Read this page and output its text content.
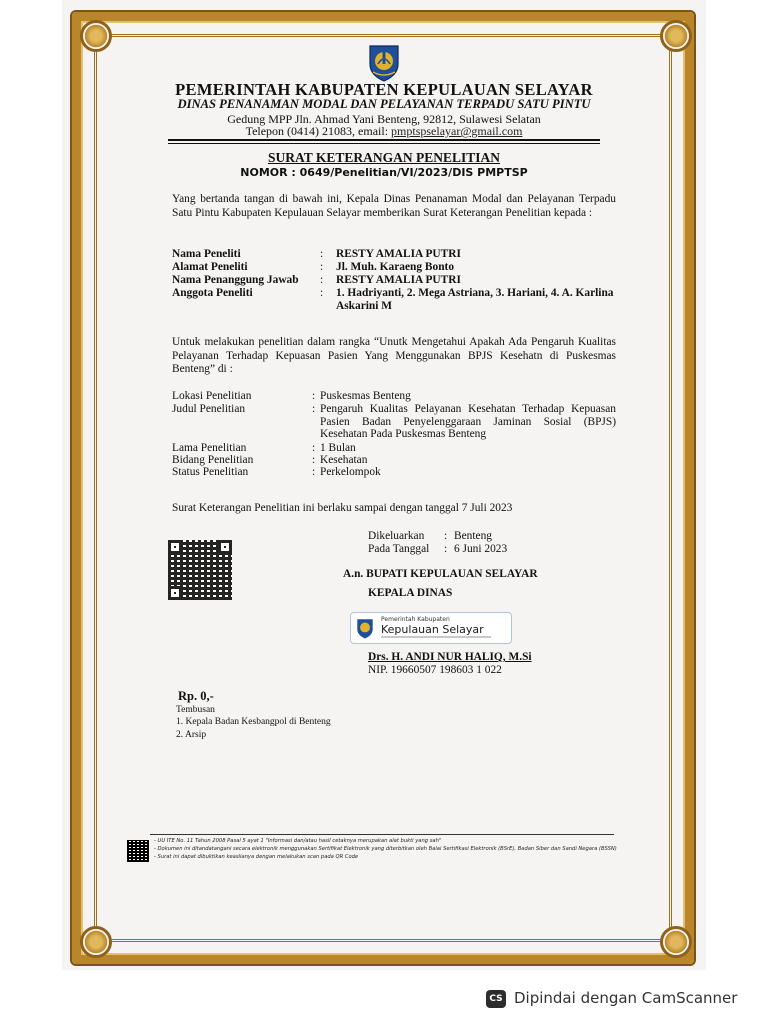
PEMERINTAH KABUPATEN KEPULAUAN SELAYAR
DINAS PENANAMAN MODAL DAN PELAYANAN TERPADU SATU PINTU
Gedung MPP Jln. Ahmad Yani Benteng, 92812, Sulawesi Selatan
Telepon (0414) 21083, email: pmptspselayar@gmail.com
SURAT KETERANGAN PENELITIAN
NOMOR : 0649/Penelitian/VI/2023/DIS PMPTSP
Yang bertanda tangan di bawah ini, Kepala Dinas Penanaman Modal dan Pelayanan Terpadu Satu Pintu Kabupaten Kepulauan Selayar memberikan Surat Keterangan Penelitian kepada :
Nama Peneliti	: RESTY AMALIA PUTRI
Alamat Peneliti	: Jl. Muh. Karaeng Bonto
Nama Penanggung Jawab : RESTY AMALIA PUTRI
Anggota Peneliti	: 1. Hadriyanti, 2. Mega Astriana, 3. Hariani, 4. A. Karlina
Askarini M
Untuk melakukan penelitian dalam rangka “Unutk Mengetahui Apakah Ada Pengaruh Kualitas Pelayanan Terhadap Kepuasan Pasien Yang Menggunakan BPJS Kesehatn di Puskesmas Benteng” di :
Lokasi Penelitian	: Puskesmas Benteng
Judul Penelitian	: Pengaruh Kualitas Pelayanan Kesehatan Terhadap Kepuasan Pasien Badan Penyelenggaraan Jaminan Sosial (BPJS) Kesehatan Pada Puskesmas Benteng
Lama Penelitian	: 1 Bulan
Bidang Penelitian	: Kesehatan
Status Penelitian	: Perkelompok
Surat Keterangan Penelitian ini berlaku sampai dengan tanggal 7 Juli 2023
Dikeluarkan : Benteng
Pada Tanggal : 6 Juni 2023
A.n. BUPATI KEPULAUAN SELAYAR
KEPALA DINAS
Pemerintah Kabupaten
Kepulauan Selayar
Drs. H. ANDI NUR HALIQ, M.Si
NIP. 19660507 198603 1 022
Rp. 0,-
Tembusan
1. Kepala Badan Kesbangpol di Benteng
2. Arsip
- UU ITE No. 11 Tahun 2008 Pasal 5 ayat 1 "Informasi dan/atau hasil cetaknya merupakan alat bukti yang sah"
- Dokumen ini ditandatangani secara elektronik menggunakan Sertifikat Elektronik yang diterbitkan oleh Balai Sertifikasi Elektronik (BSrE), Badan Siber dan Sandi Negara (BSSN)
- Surat ini dapat dibuktikan keaslianya dengan melakukan scan pada QR Code
CS Dipindai dengan CamScanner
